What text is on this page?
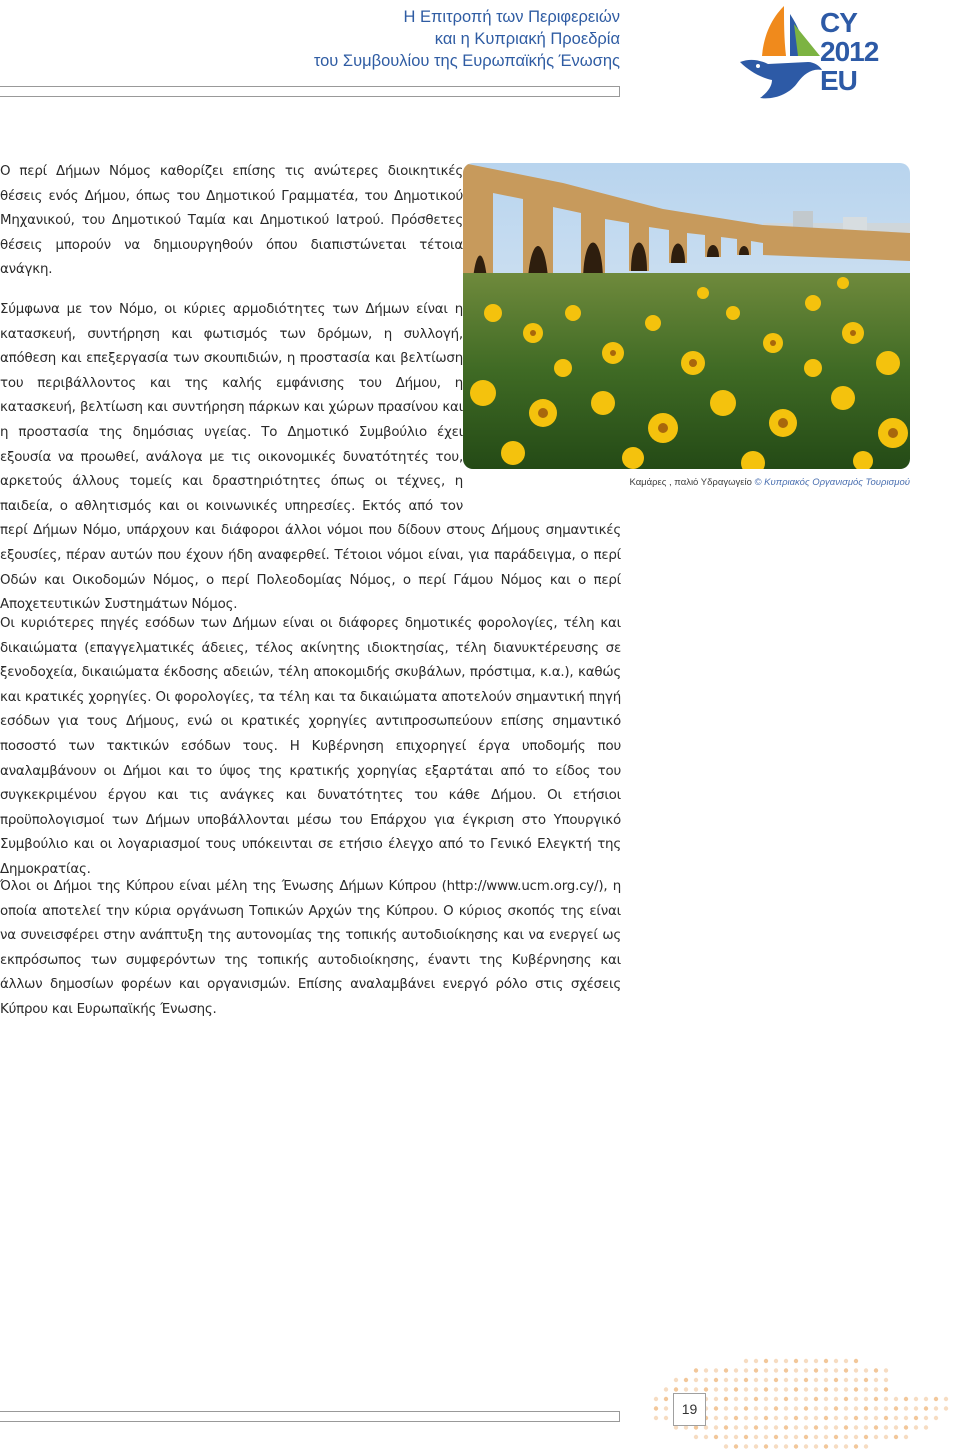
Η Επιτροπή των Περιφερειών
και η Κυπριακή Προεδρία
του Συμβουλίου της Ευρωπαϊκής Ένωσης
CY
2012
EU
Καμάρες , παλιό Υδραγωγείο © Κυπριακός Οργανισμός Τουρισμού

Ο περί Δήμων Νόμος καθορίζει επίσης τις ανώτερες διοικητικές θέσεις ενός Δήμου, όπως του Δημοτικού Γραμματέα, του Δημοτικού Μηχανικού, του Δημοτικού Ταμία και Δημοτικού Ιατρού. Πρόσθετες θέσεις μπορούν να δημιουργηθούν όπου διαπιστώνεται τέτοια ανάγκη.

Σύμφωνα με τον Νόμο, οι κύριες αρμοδιότητες των Δήμων είναι η κατασκευή, συντήρηση και φωτισμός των δρόμων, η συλλογή, απόθεση και επεξεργασία των σκουπιδιών, η προστασία και βελτίωση του περιβάλλοντος και της καλής εμφάνισης του Δήμου, η κατασκευή, βελτίωση και συντήρηση πάρκων και χώρων πρασίνου και η προστασία της δημόσιας υγείας. Το Δημοτικό Συμβούλιο έχει εξουσία να προωθεί, ανάλογα με τις οικονομικές δυνατότητές του, αρκετούς άλλους τομείς και δραστηριότητες όπως οι τέχνες, η παιδεία, ο αθλητισμός και οι κοινωνικές υπηρεσίες. Εκτός από τον περί Δήμων Νόμο, υπάρχουν και διάφοροι άλλοι νόμοι που δίδουν στους Δήμους σημαντικές εξουσίες, πέραν αυτών που έχουν ήδη αναφερθεί. Τέτοιοι νόμοι είναι, για παράδειγμα, ο περί Οδών και Οικοδομών Νόμος, ο περί Πολεοδομίας Νόμος, ο περί Γάμου Νόμος και ο περί Αποχετευτικών Συστημάτων Νόμος.

Οι κυριότερες πηγές εσόδων των Δήμων είναι οι διάφορες δημοτικές φορολογίες, τέλη και δικαιώματα (επαγγελματικές άδειες, τέλος ακίνητης ιδιοκτησίας, τέλη διανυκτέρευσης σε ξενοδοχεία, δικαιώματα έκδοσης αδειών, τέλη αποκομιδής σκυβάλων, πρόστιμα, κ.α.), καθώς και κρατικές χορηγίες. Οι φορολογίες, τα τέλη και τα δικαιώματα αποτελούν σημαντική πηγή εσόδων για τους Δήμους, ενώ οι κρατικές χορηγίες αντιπροσωπεύουν επίσης σημαντικό ποσοστό των τακτικών εσόδων τους. Η Κυβέρνηση επιχορηγεί έργα υποδομής που αναλαμβάνουν οι Δήμοι και το ύψος της κρατικής χορηγίας εξαρτάται από το είδος του συγκεκριμένου έργου και τις ανάγκες και δυνατότητες του κάθε Δήμου. Οι ετήσιοι προϋπολογισμοί των Δήμων υποβάλλονται μέσω του Επάρχου για έγκριση στο Υπουργικό Συμβούλιο και οι λογαριασμοί τους υπόκεινται σε ετήσιο έλεγχο από το Γενικό Ελεγκτή της Δημοκρατίας.

Όλοι οι Δήμοι της Κύπρου είναι μέλη της Ένωσης Δήμων Κύπρου (http://www.ucm.org.cy/), η οποία αποτελεί την κύρια οργάνωση Τοπικών Αρχών της Κύπρου. Ο κύριος σκοπός της είναι να συνεισφέρει στην ανάπτυξη της αυτονομίας της τοπικής αυτοδιοίκησης και να ενεργεί ως εκπρόσωπος των συμφερόντων της τοπικής αυτοδιοίκησης, έναντι της Κυβέρνησης και άλλων δημοσίων φορέων και οργανισμών. Επίσης αναλαμβάνει ενεργό ρόλο στις σχέσεις Κύπρου και Ευρωπαϊκής Ένωσης.

19
